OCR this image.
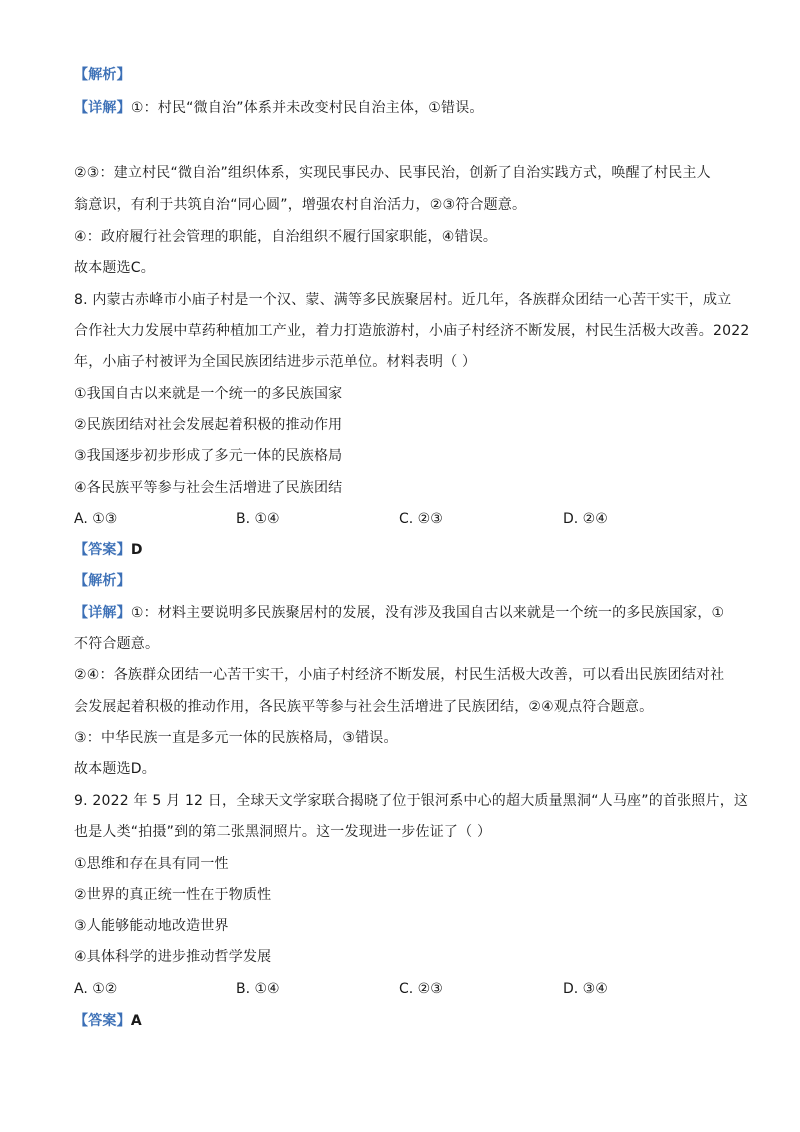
【解析】
【详解】①：村民“微自治”体系并未改变村民自治主体，①错误。
②③：建立村民“微自治”组织体系，实现民事民办、民事民治，创新了自治实践方式，唤醒了村民主人
翁意识，有利于共筑自治“同心圆”，增强农村自治活力，②③符合题意。
④：政府履行社会管理的职能，自治组织不履行国家职能，④错误。
故本题选C。
8. 内蒙古赤峰市小庙子村是一个汉、蒙、满等多民族聚居村。近几年，各族群众团结一心苦干实干，成立
合作社大力发展中草药种植加工产业，着力打造旅游村，小庙子村经济不断发展，村民生活极大改善。2022
年，小庙子村被评为全国民族团结进步示范单位。材料表明（ ）
①我国自古以来就是一个统一的多民族国家
②民族团结对社会发展起着积极的推动作用
③我国逐步初步形成了多元一体的民族格局
④各民族平等参与社会生活增进了民族团结
A. ①③	B. ①④	C. ②③	D. ②④
【答案】D
【解析】
【详解】①：材料主要说明多民族聚居村的发展，没有涉及我国自古以来就是一个统一的多民族国家，①
不符合题意。
②④：各族群众团结一心苦干实干，小庙子村经济不断发展，村民生活极大改善，可以看出民族团结对社
会发展起着积极的推动作用，各民族平等参与社会生活增进了民族团结，②④观点符合题意。
③：中华民族一直是多元一体的民族格局，③错误。
故本题选D。
9. 2022 年 5 月 12 日，全球天文学家联合揭晓了位于银河系中心的超大质量黑洞“人马座”的首张照片，这
也是人类“拍摄”到的第二张黑洞照片。这一发现进一步佐证了（ ）
①思维和存在具有同一性
②世界的真正统一性在于物质性
③人能够能动地改造世界
④具体科学的进步推动哲学发展
A. ①②	B. ①④	C. ②③	D. ③④
【答案】A
